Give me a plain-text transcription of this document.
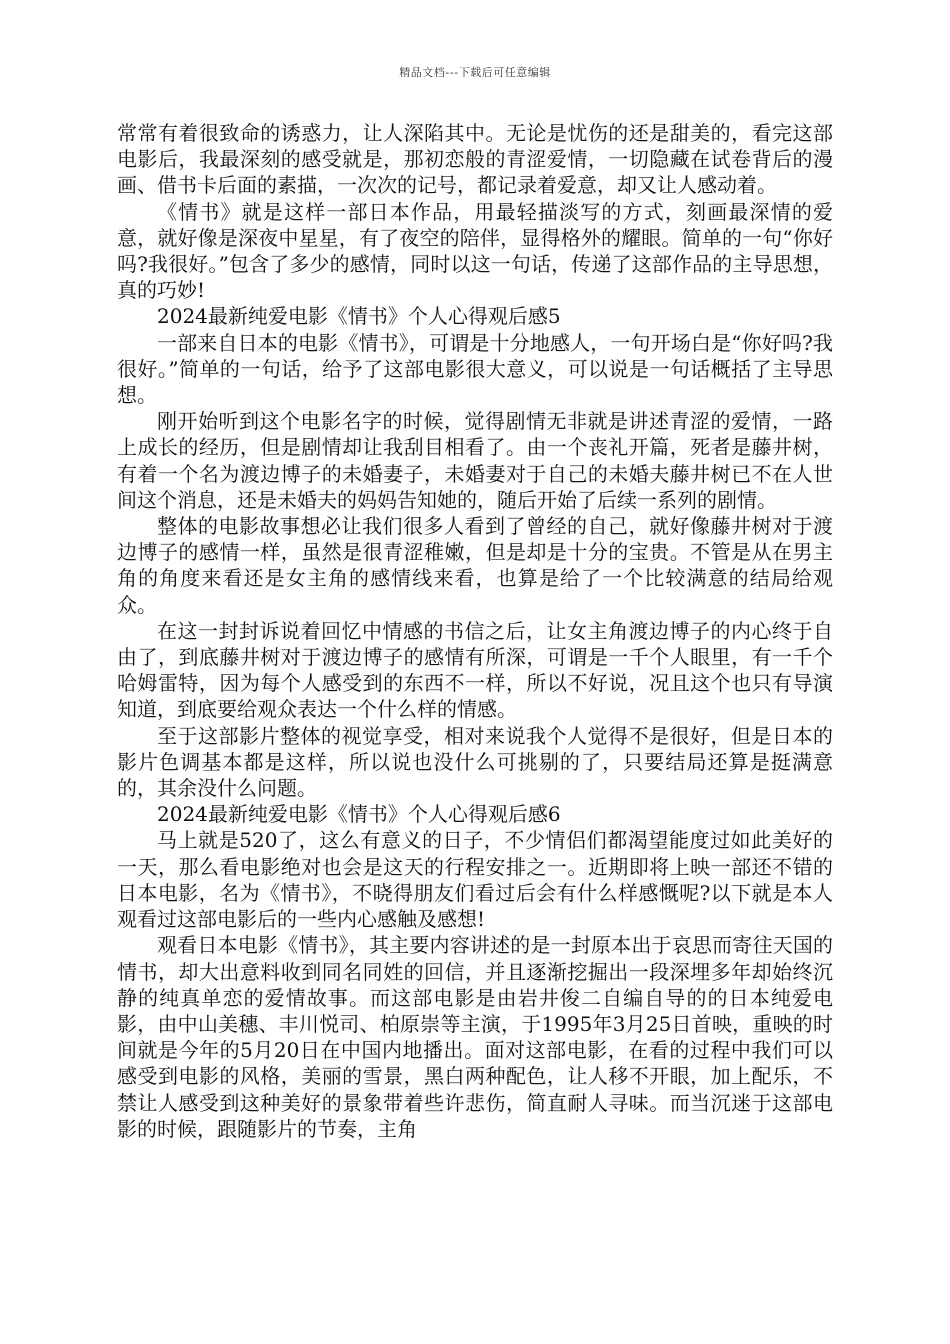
精品文档---下载后可任意编辑

常常有着很致命的诱惑力，让人深陷其中。无论是忧伤的还是甜美的，看完这部电影后，我最深刻的感受就是，那初恋般的青涩爱情，一切隐藏在试卷背后的漫画、借书卡后面的素描，一次次的记号，都记录着爱意，却又让人感动着。

《情书》就是这样一部日本作品，用最轻描淡写的方式，刻画最深情的爱意，就好像是深夜中星星，有了夜空的陪伴，显得格外的耀眼。简单的一句“你好吗?我很好。”包含了多少的感情，同时以这一句话，传递了这部作品的主导思想，真的巧妙!

2024最新纯爱电影《情书》个人心得观后感5

一部来自日本的电影《情书》，可谓是十分地感人，一句开场白是“你好吗?我很好。”简单的一句话，给予了这部电影很大意义，可以说是一句话概括了主导思想。

刚开始听到这个电影名字的时候，觉得剧情无非就是讲述青涩的爱情，一路上成长的经历，但是剧情却让我刮目相看了。由一个丧礼开篇，死者是藤井树，有着一个名为渡边博子的未婚妻子，未婚妻对于自己的未婚夫藤井树已不在人世间这个消息，还是未婚夫的妈妈告知她的，随后开始了后续一系列的剧情。

整体的电影故事想必让我们很多人看到了曾经的自己，就好像藤井树对于渡边博子的感情一样，虽然是很青涩稚嫩，但是却是十分的宝贵。不管是从在男主角的角度来看还是女主角的感情线来看，也算是给了一个比较满意的结局给观众。

在这一封封诉说着回忆中情感的书信之后，让女主角渡边博子的内心终于自由了，到底藤井树对于渡边博子的感情有所深，可谓是一千个人眼里，有一千个哈姆雷特，因为每个人感受到的东西不一样，所以不好说，况且这个也只有导演知道，到底要给观众表达一个什么样的情感。

至于这部影片整体的视觉享受，相对来说我个人觉得不是很好，但是日本的影片色调基本都是这样，所以说也没什么可挑剔的了，只要结局还算是挺满意的，其余没什么问题。

2024最新纯爱电影《情书》个人心得观后感6

马上就是520了，这么有意义的日子，不少情侣们都渴望能度过如此美好的一天，那么看电影绝对也会是这天的行程安排之一。近期即将上映一部还不错的日本电影，名为《情书》，不晓得朋友们看过后会有什么样感慨呢?以下就是本人观看过这部电影后的一些内心感触及感想!

观看日本电影《情书》，其主要内容讲述的是一封原本出于哀思而寄往天国的情书，却大出意料收到同名同姓的回信，并且逐渐挖掘出一段深埋多年却始终沉静的纯真单恋的爱情故事。而这部电影是由岩井俊二自编自导的的日本纯爱电影，由中山美穗、丰川悦司、柏原崇等主演，于1995年3月25日首映，重映的时间就是今年的5月20日在中国内地播出。面对这部电影，在看的过程中我们可以感受到电影的风格，美丽的雪景，黑白两种配色，让人移不开眼，加上配乐，不禁让人感受到这种美好的景象带着些许悲伤，简直耐人寻味。而当沉迷于这部电影的时候，跟随影片的节奏，主角
